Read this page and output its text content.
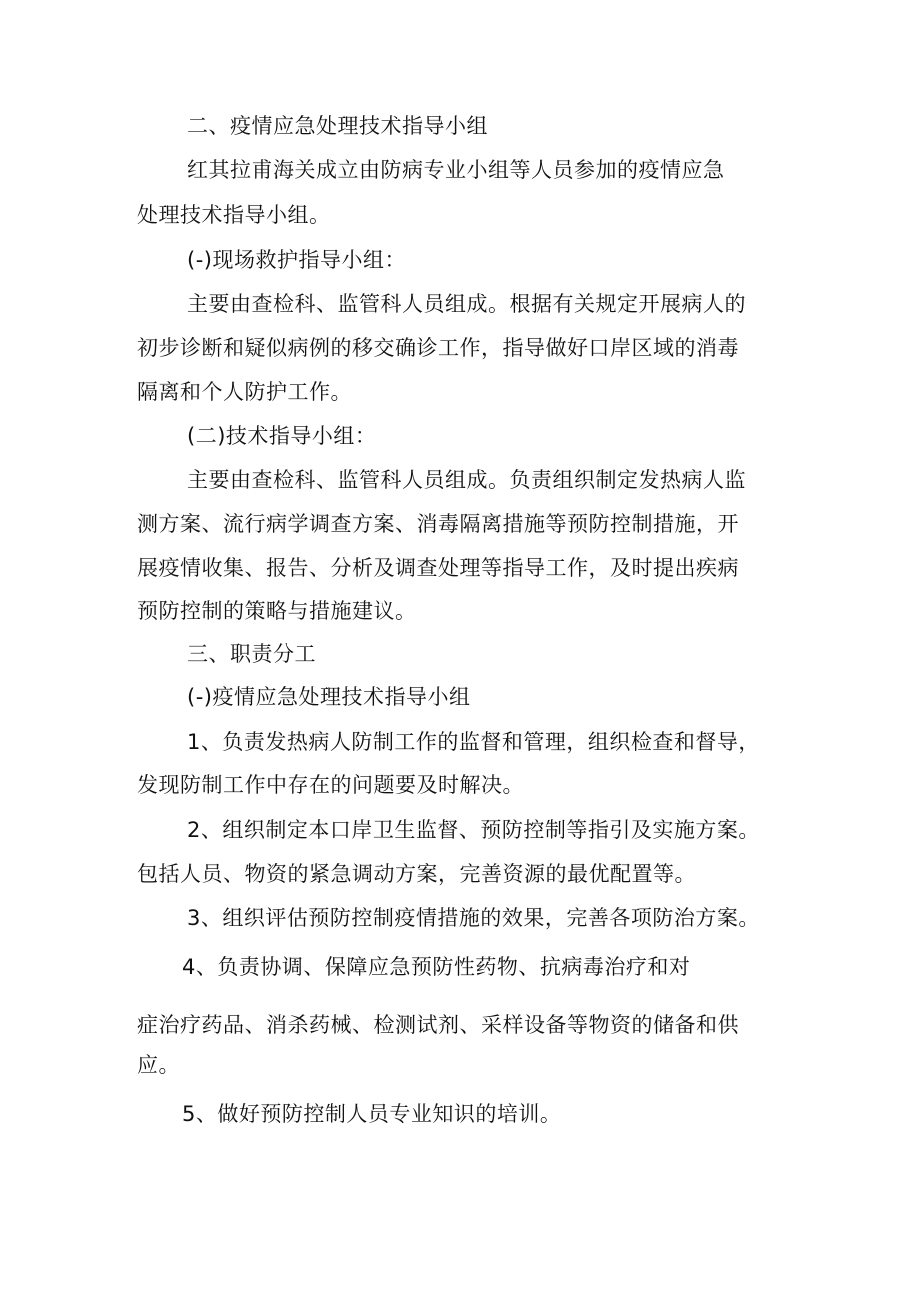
二、疫情应急处理技术指导小组
红其拉甫海关成立由防病专业小组等人员参加的疫情应急
处理技术指导小组。
(-)现场救护指导小组：
主要由查检科、监管科人员组成。根据有关规定开展病人的
初步诊断和疑似病例的移交确诊工作，指导做好口岸区域的消毒
隔离和个人防护工作。
(二)技术指导小组：
主要由查检科、监管科人员组成。负责组织制定发热病人监
测方案、流行病学调查方案、消毒隔离措施等预防控制措施，开
展疫情收集、报告、分析及调查处理等指导工作，及时提出疾病
预防控制的策略与措施建议。
三、职责分工
(-)疫情应急处理技术指导小组
1、负责发热病人防制工作的监督和管理，组织检查和督导，
发现防制工作中存在的问题要及时解决。
2、组织制定本口岸卫生监督、预防控制等指引及实施方案。
包括人员、物资的紧急调动方案，完善资源的最优配置等。
3、组织评估预防控制疫情措施的效果，完善各项防治方案。
4、负责协调、保障应急预防性药物、抗病毒治疗和对
症治疗药品、消杀药械、检测试剂、采样设备等物资的储备和供
应。
5、做好预防控制人员专业知识的培训。
